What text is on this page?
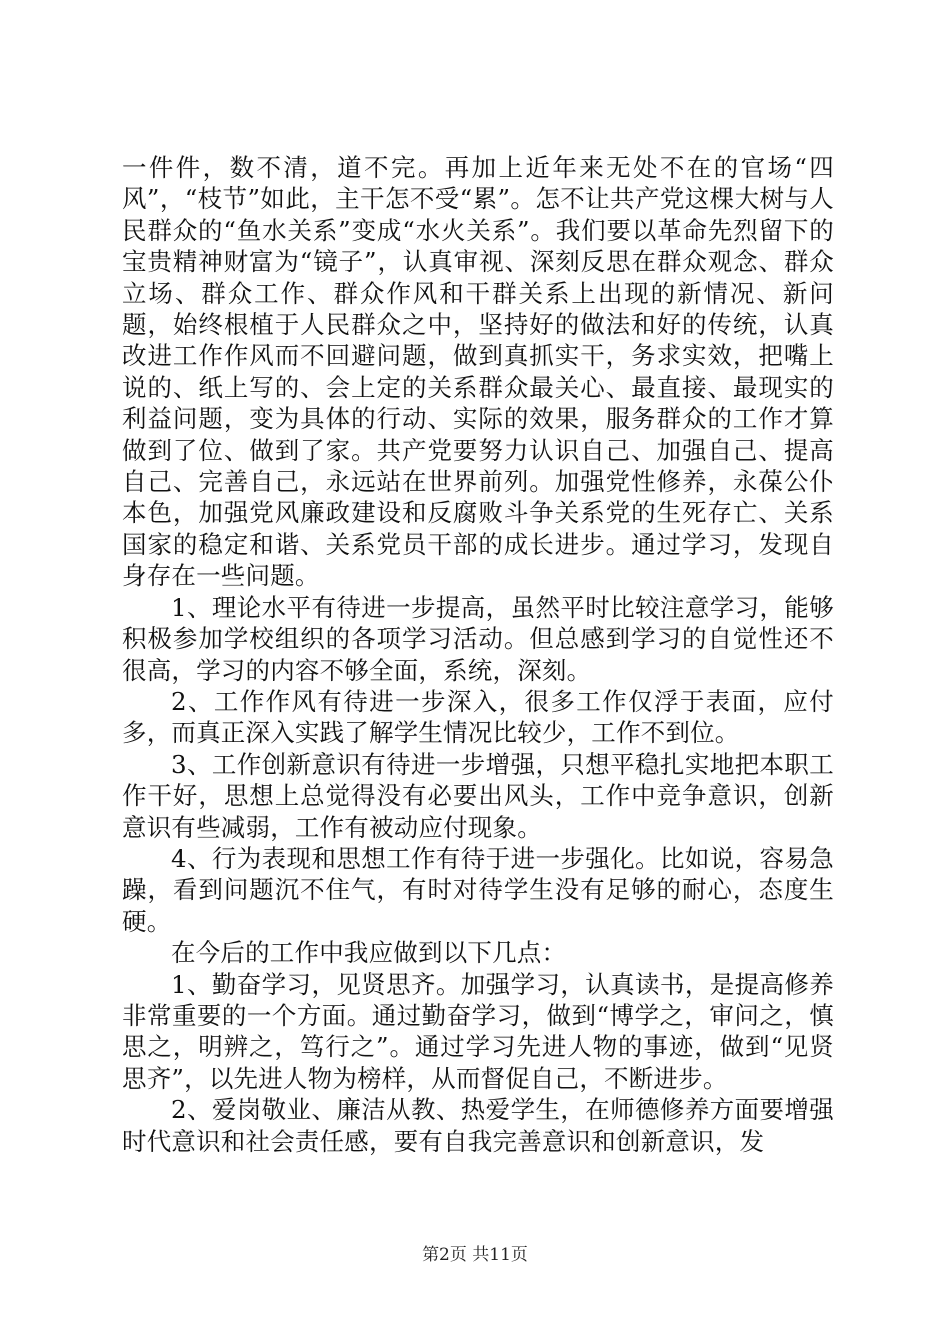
一件件，数不清，道不完。再加上近年来无处不在的官场“四风”，“枝节”如此，主干怎不受“累”。怎不让共产党这棵大树与人民群众的“鱼水关系”变成“水火关系”。我们要以革命先烈留下的宝贵精神财富为“镜子”，认真审视、深刻反思在群众观念、群众立场、群众工作、群众作风和干群关系上出现的新情况、新问题，始终根植于人民群众之中，坚持好的做法和好的传统，认真改进工作作风而不回避问题，做到真抓实干，务求实效，把嘴上说的、纸上写的、会上定的关系群众最关心、最直接、最现实的利益问题，变为具体的行动、实际的效果，服务群众的工作才算做到了位、做到了家。共产党要努力认识自己、加强自己、提高自己、完善自己，永远站在世界前列。加强党性修养，永葆公仆本色，加强党风廉政建设和反腐败斗争关系党的生死存亡、关系国家的稳定和谐、关系党员干部的成长进步。通过学习，发现自身存在一些问题。

1、理论水平有待进一步提高，虽然平时比较注意学习，能够积极参加学校组织的各项学习活动。但总感到学习的自觉性还不很高，学习的内容不够全面，系统，深刻。

2、工作作风有待进一步深入，很多工作仅浮于表面，应付多，而真正深入实践了解学生情况比较少，工作不到位。

3、工作创新意识有待进一步增强，只想平稳扎实地把本职工作干好，思想上总觉得没有必要出风头，工作中竞争意识，创新意识有些减弱，工作有被动应付现象。

4、行为表现和思想工作有待于进一步强化。比如说，容易急躁，看到问题沉不住气，有时对待学生没有足够的耐心，态度生硬。

在今后的工作中我应做到以下几点：

1、勤奋学习，见贤思齐。加强学习，认真读书，是提高修养非常重要的一个方面。通过勤奋学习，做到“博学之，审问之，慎思之，明辨之，笃行之”。通过学习先进人物的事迹，做到“见贤思齐”，以先进人物为榜样，从而督促自己，不断进步。

2、爱岗敬业、廉洁从教、热爱学生，在师德修养方面要增强时代意识和社会责任感，要有自我完善意识和创新意识，发

第2页 共11页
